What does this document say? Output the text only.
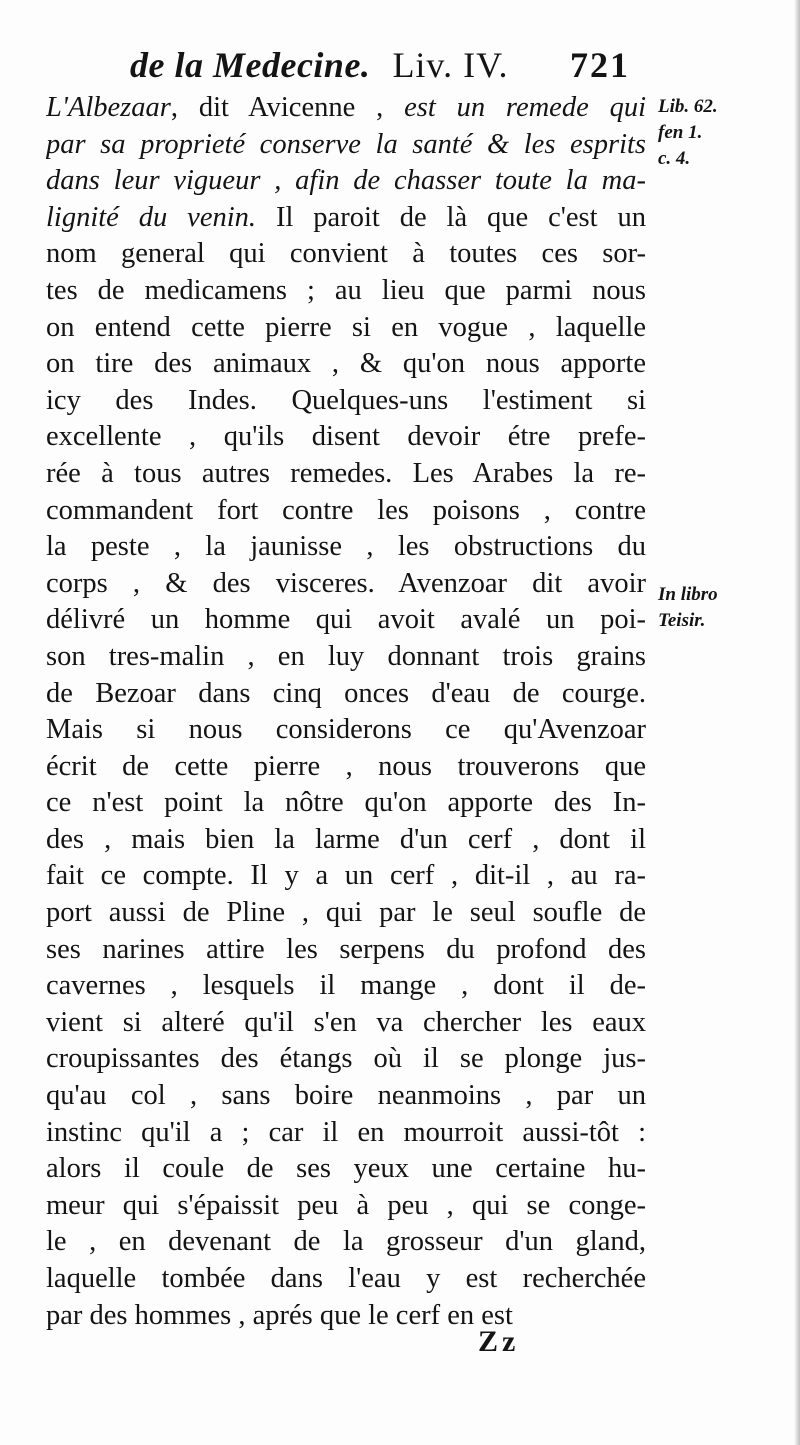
de la Medecine. Liv. IV. 721
L'Albezaar, dit Avicenne , est un remede qui
par sa proprieté conserve la santé & les esprits
dans leur vigueur , afin de chasser toute la ma-
lignité du venin. Il paroit de là que c'est un
nom general qui convient à toutes ces sor-
tes de medicamens ; au lieu que parmi nous
on entend cette pierre si en vogue , laquelle
on tire des animaux , & qu'on nous apporte
icy des Indes. Quelques-uns l'estiment si
excellente , qu'ils disent devoir étre prefe-
rée à tous autres remedes. Les Arabes la re-
commandent fort contre les poisons , contre
la peste , la jaunisse , les obstructions du
corps , & des visceres. Avenzoar dit avoir
délivré un homme qui avoit avalé un poi-
son tres-malin , en luy donnant trois grains
de Bezoar dans cinq onces d'eau de courge.
Mais si nous considerons ce qu'Avenzoar
écrit de cette pierre , nous trouverons que
ce n'est point la nôtre qu'on apporte des In-
des , mais bien la larme d'un cerf , dont il
fait ce compte. Il y a un cerf , dit-il , au ra-
port aussi de Pline , qui par le seul soufle de
ses narines attire les serpens du profond des
cavernes , lesquels il mange , dont il de-
vient si alteré qu'il s'en va chercher les eaux
croupissantes des étangs où il se plonge jus-
qu'au col , sans boire neanmoins , par un
instinc qu'il a ; car il en mourroit aussi-tôt :
alors il coule de ses yeux une certaine hu-
meur qui s'épaissit peu à peu , qui se conge-
le , en devenant de la grosseur d'un gland,
laquelle tombée dans l'eau y est recherchée
par des hommes , aprés que le cerf en est
Lib. 62.
fen 1.
c. 4.
In libro
Teisir.
Zz
